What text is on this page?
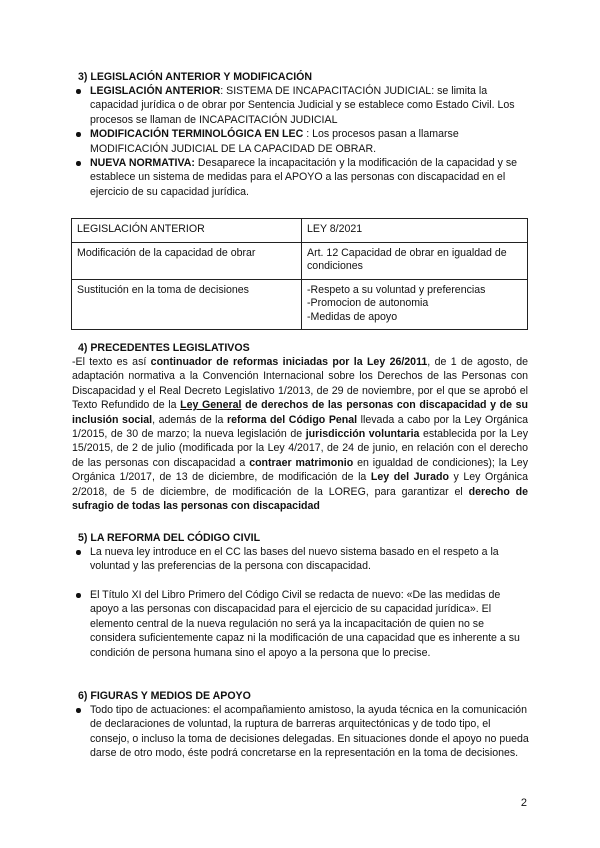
3) LEGISLACIÓN ANTERIOR Y MODIFICACIÓN
LEGISLACIÓN ANTERIOR: SISTEMA DE INCAPACITACIÓN JUDICIAL: se limita la capacidad jurídica o de obrar por Sentencia Judicial y se establece como Estado Civil. Los procesos se llaman de INCAPACITACIÓN JUDICIAL
MODIFICACIÓN TERMINOLÓGICA EN LEC : Los procesos pasan a llamarse MODIFICACIÓN JUDICIAL DE LA CAPACIDAD DE OBRAR.
NUEVA NORMATIVA: Desaparece la incapacitación y la modificación de la capacidad y se establece un sistema de medidas para el APOYO a las personas con discapacidad en el ejercicio de su capacidad jurídica.
LEGISLACIÓN ANTERIOR	LEY 8/2021
Modificación de la capacidad de obrar	Art. 12 Capacidad de obrar en igualdad de condiciones
Sustitución en la toma de decisiones	-Respeto a su voluntad y preferencias
-Promocion de autonomia
-Medidas de apoyo
4) PRECEDENTES LEGISLATIVOS
-El texto es así continuador de reformas iniciadas por la Ley 26/2011, de 1 de agosto, de adaptación normativa a la Convención Internacional sobre los Derechos de las Personas con Discapacidad y el Real Decreto Legislativo 1/2013, de 29 de noviembre, por el que se aprobó el Texto Refundido de la Ley General de derechos de las personas con discapacidad y de su inclusión social, además de la reforma del Código Penal llevada a cabo por la Ley Orgánica 1/2015, de 30 de marzo; la nueva legislación de jurisdicción voluntaria establecida por la Ley 15/2015, de 2 de julio (modificada por la Ley 4/2017, de 24 de junio, en relación con el derecho de las personas con discapacidad a contraer matrimonio en igualdad de condiciones); la Ley Orgánica 1/2017, de 13 de diciembre, de modificación de la Ley del Jurado y Ley Orgánica 2/2018, de 5 de diciembre, de modificación de la LOREG, para garantizar el derecho de sufragio de todas las personas con discapacidad
5) LA REFORMA DEL CÓDIGO CIVIL
La nueva ley introduce en el CC las bases del nuevo sistema basado en el respeto a la voluntad y las preferencias de la persona con discapacidad.
El Título XI del Libro Primero del Código Civil se redacta de nuevo: «De las medidas de apoyo a las personas con discapacidad para el ejercicio de su capacidad jurídica». El elemento central de la nueva regulación no será ya la incapacitación de quien no se considera suficientemente capaz ni la modificación de una capacidad que es inherente a su condición de persona humana sino el apoyo a la persona que lo precise.
6) FIGURAS Y MEDIOS DE APOYO
Todo tipo de actuaciones: el acompañamiento amistoso, la ayuda técnica en la comunicación de declaraciones de voluntad, la ruptura de barreras arquitectónicas y de todo tipo, el consejo, o incluso la toma de decisiones delegadas. En situaciones donde el apoyo no pueda darse de otro modo, éste podrá concretarse en la representación en la toma de decisiones.
2
